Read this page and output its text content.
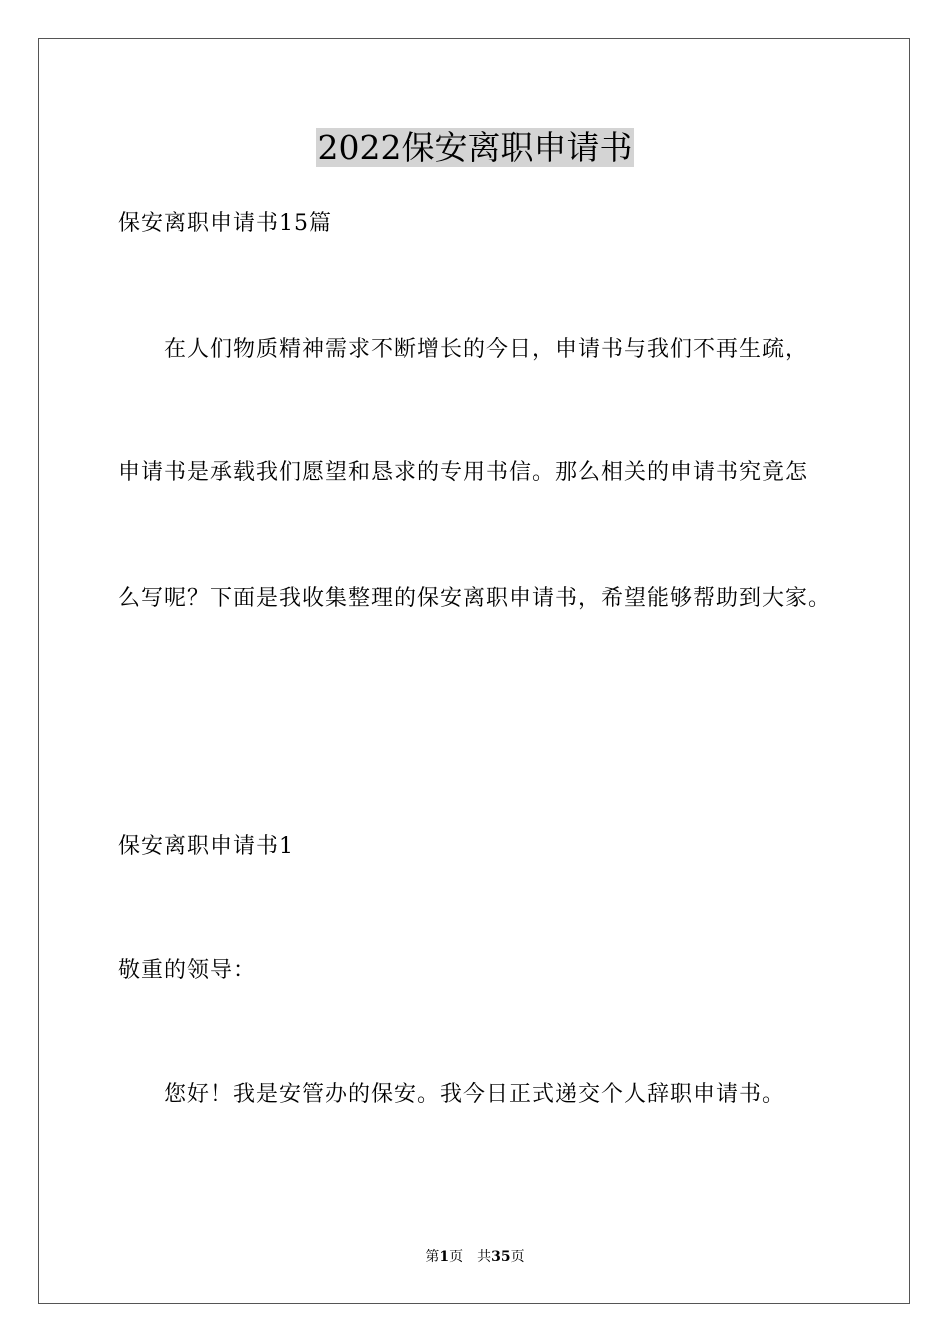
2022保安离职申请书
保安离职申请书15篇
在人们物质精神需求不断增长的今日，申请书与我们不再生疏，
申请书是承载我们愿望和恳求的专用书信。那么相关的申请书究竟怎
么写呢？下面是我收集整理的保安离职申请书，希望能够帮助到大家。
保安离职申请书1
敬重的领导：
您好！我是安管办的保安。我今日正式递交个人辞职申请书。
第1页　共35页
